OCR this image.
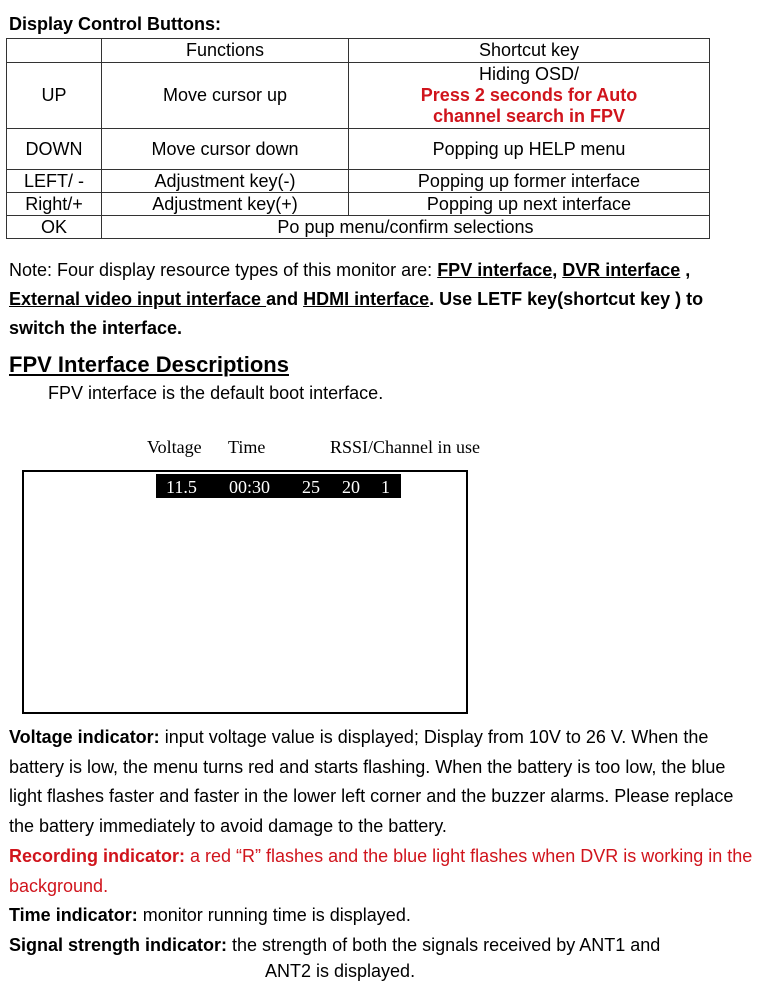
Display Control Buttons:
	Functions	Shortcut key
UP	Move cursor up	Hiding OSD/
Press 2 seconds for Auto channel search in FPV

DOWN	Move cursor down	Popping up HELP menu
LEFT/ -	Adjustment key(-)	Popping up former interface
Right/+	Adjustment key(+)	Popping up next interface
OK	Po pup menu/confirm selections	
Note: Four display resource types of this monitor are: FPV interface, DVR interface , External video input interface and HDMI interface. Use LETF key(shortcut key ) to switch the interface.
FPV Interface Descriptions
FPV interface is the default boot interface.
Voltage Time	RSSI/Channel in use
11.5 00:30 25 20 1
Voltage indicator: input voltage value is displayed; Display from 10V to 26 V. When the battery is low, the menu turns red and starts flashing. When the battery is too low, the blue light flashes faster and faster in the lower left corner and the buzzer alarms. Please replace the battery immediately to avoid damage to the battery.
Recording indicator: a red “R” flashes and the blue light flashes when DVR is working in the background.
Time indicator: monitor running time is displayed.
Signal strength indicator: the strength of both the signals received by ANT1 and
ANT2 is displayed.
